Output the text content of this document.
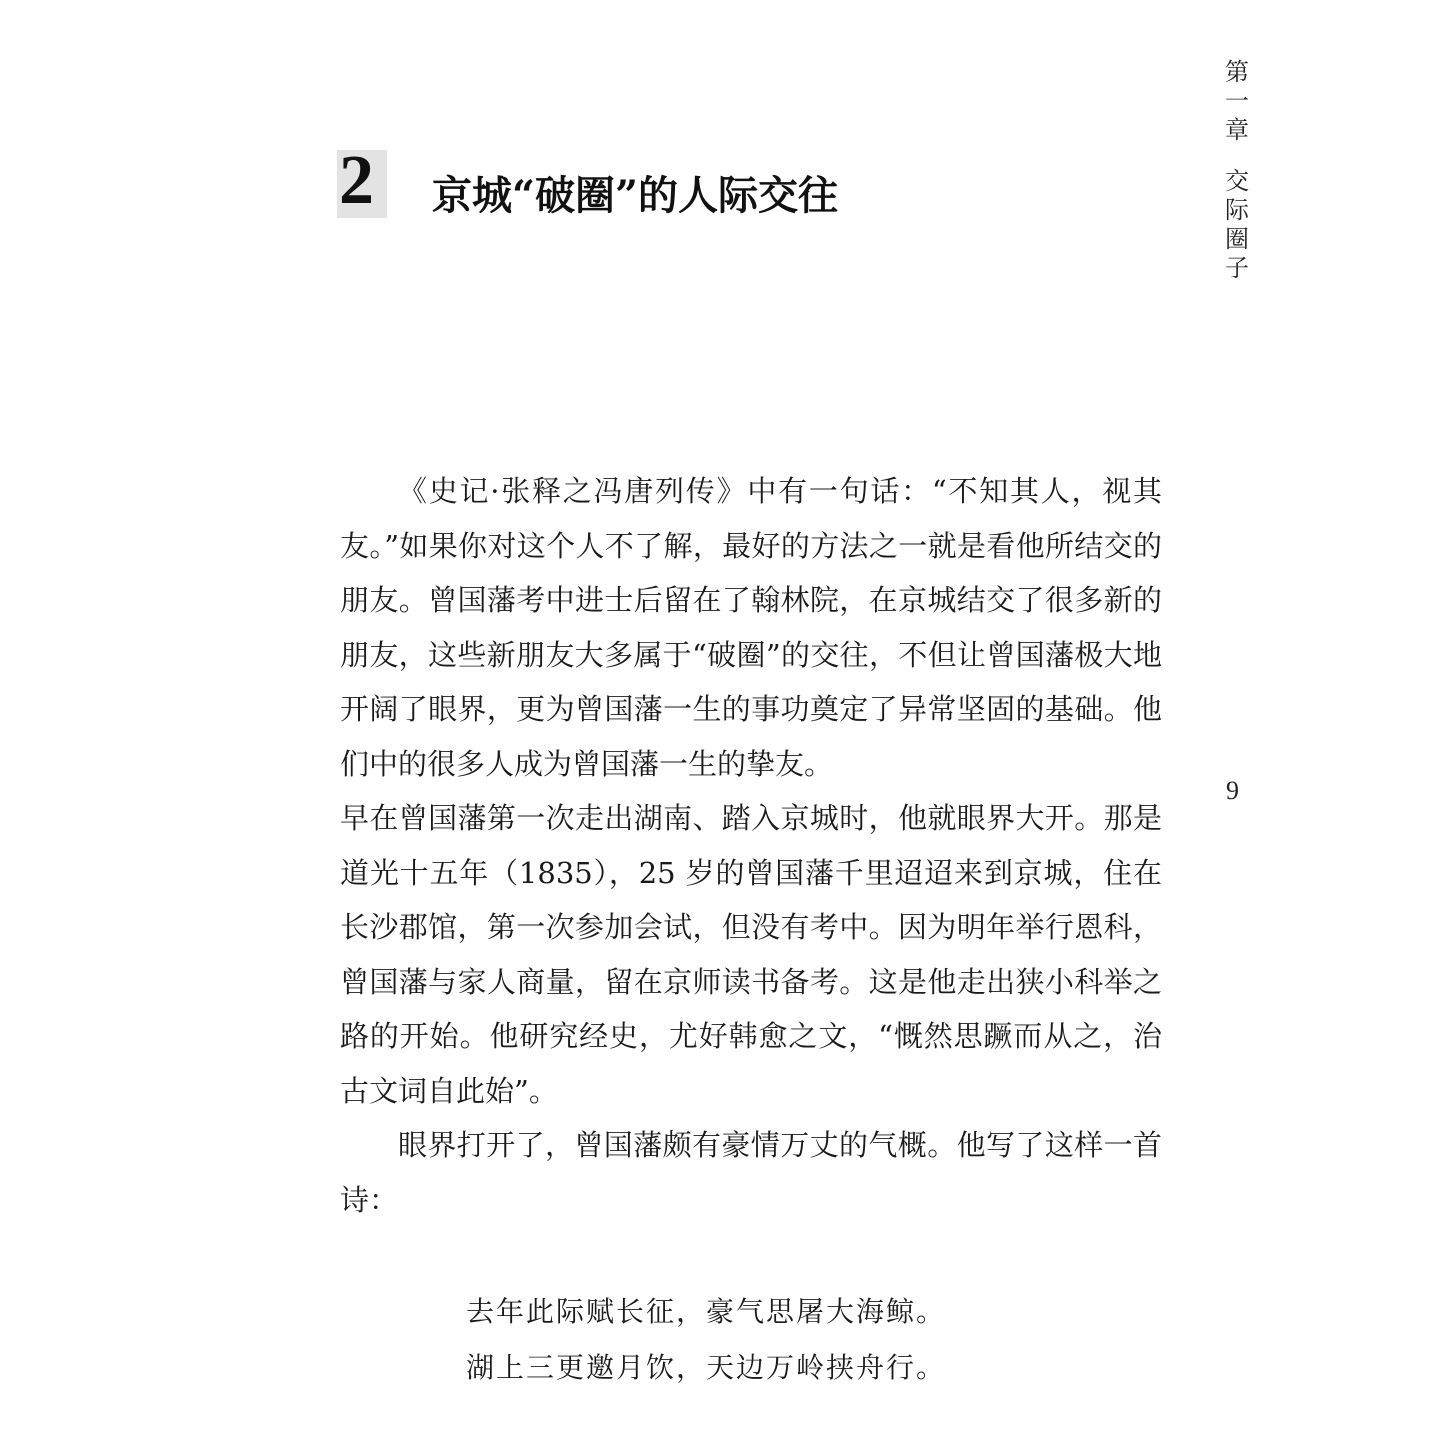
第
一
章
交
际
圈
子
9
2 京城“破圈”的人际交往

《史记·张释之冯唐列传》中有一句话：“不知其人，视其友。”如果你对这个人不了解，最好的方法之一就是看他所结交的朋友。曾国藩考中进士后留在了翰林院，在京城结交了很多新的朋友，这些新朋友大多属于“破圈”的交往，不但让曾国藩极大地开阔了眼界，更为曾国藩一生的事功奠定了异常坚固的基础。他们中的很多人成为曾国藩一生的挚友。

早在曾国藩第一次走出湖南、踏入京城时，他就眼界大开。那是道光十五年（1835），25 岁的曾国藩千里迢迢来到京城，住在长沙郡馆，第一次参加会试，但没有考中。因为明年举行恩科，曾国藩与家人商量，留在京师读书备考。这是他走出狭小科举之路的开始。他研究经史，尤好韩愈之文，“慨然思蹶而从之，治古文词自此始”。

眼界打开了，曾国藩颇有豪情万丈的气概。他写了这样一首诗：

去年此际赋长征，豪气思屠大海鲸。
湖上三更邀月饮，天边万岭挟舟行。
